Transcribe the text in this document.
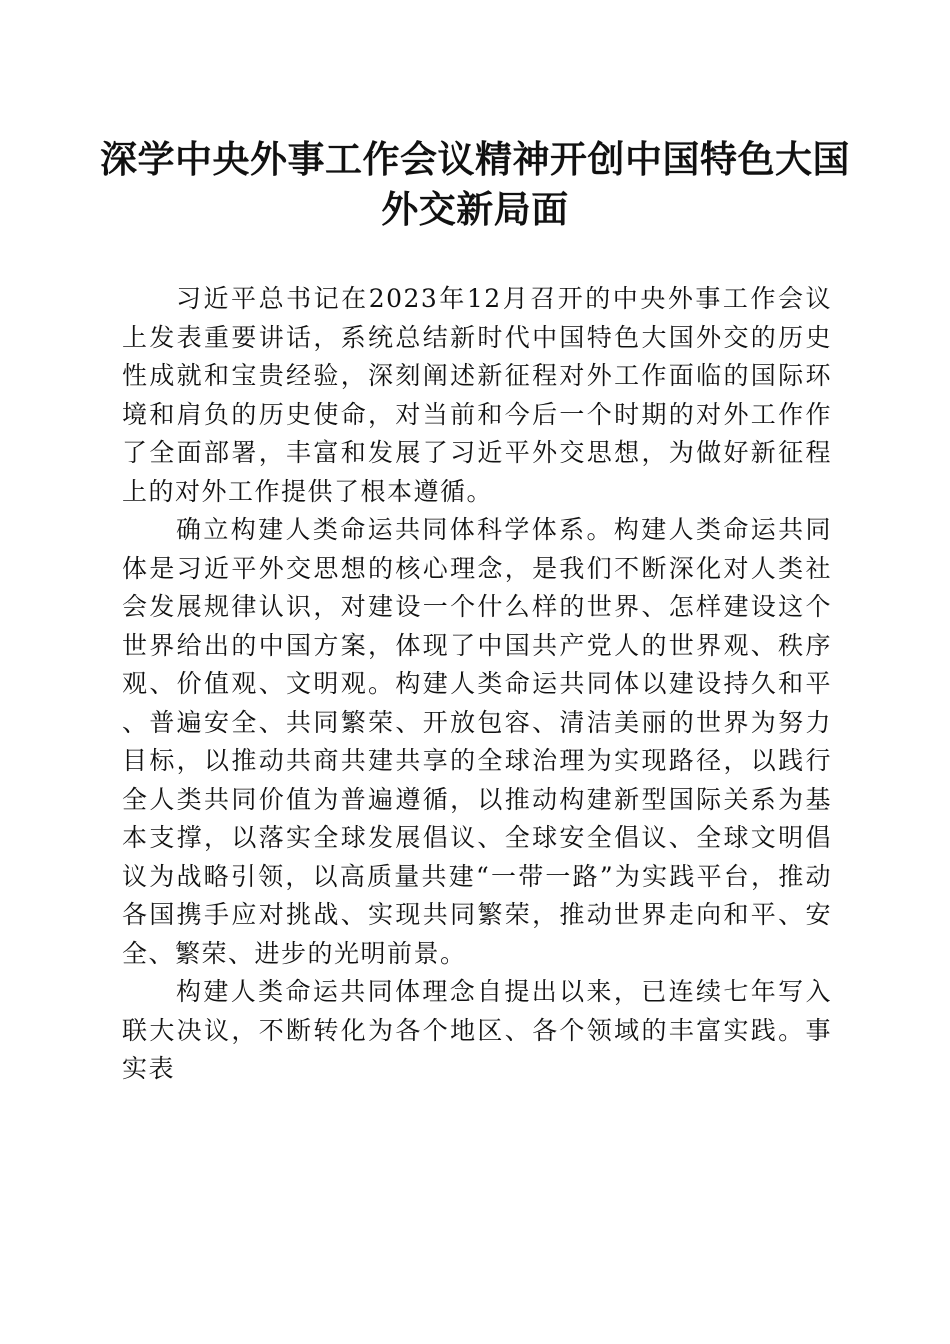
深学中央外事工作会议精神开创中国特色大国
外交新局面

习近平总书记在2023年12月召开的中央外事工作会议上发表重要讲话，系统总结新时代中国特色大国外交的历史性成就和宝贵经验，深刻阐述新征程对外工作面临的国际环境和肩负的历史使命，对当前和今后一个时期的对外工作作了全面部署，丰富和发展了习近平外交思想，为做好新征程上的对外工作提供了根本遵循。

确立构建人类命运共同体科学体系。构建人类命运共同体是习近平外交思想的核心理念，是我们不断深化对人类社会发展规律认识，对建设一个什么样的世界、怎样建设这个世界给出的中国方案，体现了中国共产党人的世界观、秩序观、价值观、文明观。构建人类命运共同体以建设持久和平、普遍安全、共同繁荣、开放包容、清洁美丽的世界为努力目标，以推动共商共建共享的全球治理为实现路径，以践行全人类共同价值为普遍遵循，以推动构建新型国际关系为基本支撑，以落实全球发展倡议、全球安全倡议、全球文明倡议为战略引领，以高质量共建“一带一路”为实践平台，推动各国携手应对挑战、实现共同繁荣，推动世界走向和平、安全、繁荣、进步的光明前景。

构建人类命运共同体理念自提出以来，已连续七年写入联大决议，不断转化为各个地区、各个领域的丰富实践。事实表
